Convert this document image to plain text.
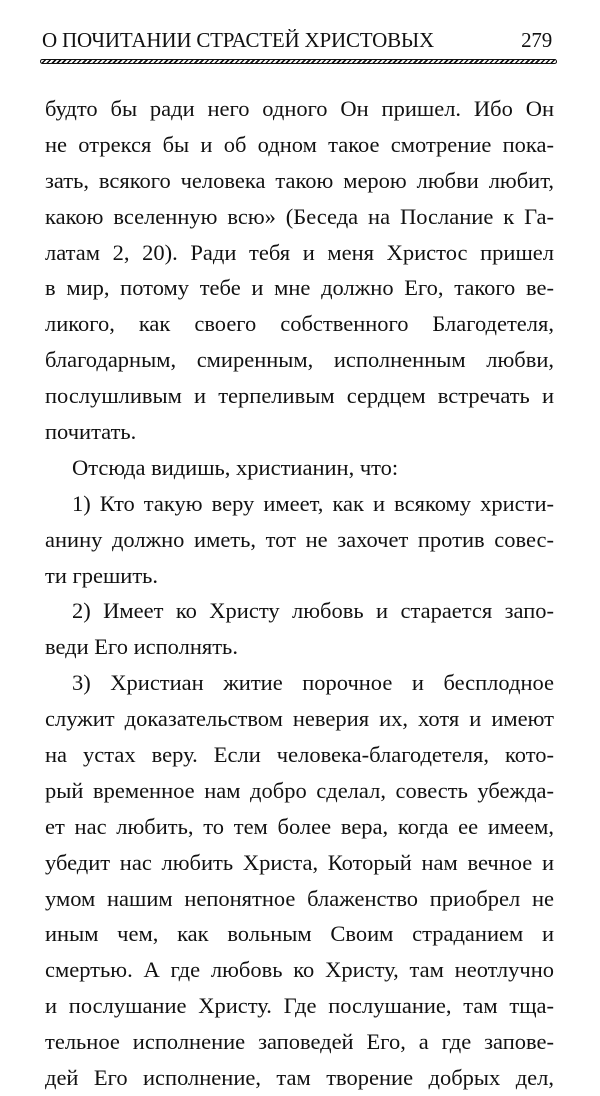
О ПОЧИТАНИИ СТРАСТЕЙ ХРИСТОВЫХ	279
будто бы ради него одного Он пришел. Ибо Он
не отрекся бы и об одном такое смотрение пока-
зать, всякого человека такою мерою любви любит,
какою вселенную всю» (Беседа на Послание к Га-
латам 2, 20). Ради тебя и меня Христос пришел
в мир, потому тебе и мне должно Его, такого ве-
ликого, как своего собственного Благодетеля,
благодарным, смиренным, исполненным любви,
послушливым и терпеливым сердцем встречать и
почитать.
Отсюда видишь, христианин, что:
1) Кто такую веру имеет, как и всякому христи-
анину должно иметь, тот не захочет против совес-
ти грешить.
2) Имеет ко Христу любовь и старается запо-
веди Его исполнять.
3) Христиан житие порочное и бесплодное
служит доказательством неверия их, хотя и имеют
на устах веру. Если человека-благодетеля, кото-
рый временное нам добро сделал, совесть убежда-
ет нас любить, то тем более вера, когда ее имеем,
убедит нас любить Христа, Который нам вечное и
умом нашим непонятное блаженство приобрел не
иным чем, как вольным Своим страданием и
смертью. А где любовь ко Христу, там неотлучно
и послушание Христу. Где послушание, там тща-
тельное исполнение заповедей Его, а где запове-
дей Его исполнение, там творение добрых дел,
